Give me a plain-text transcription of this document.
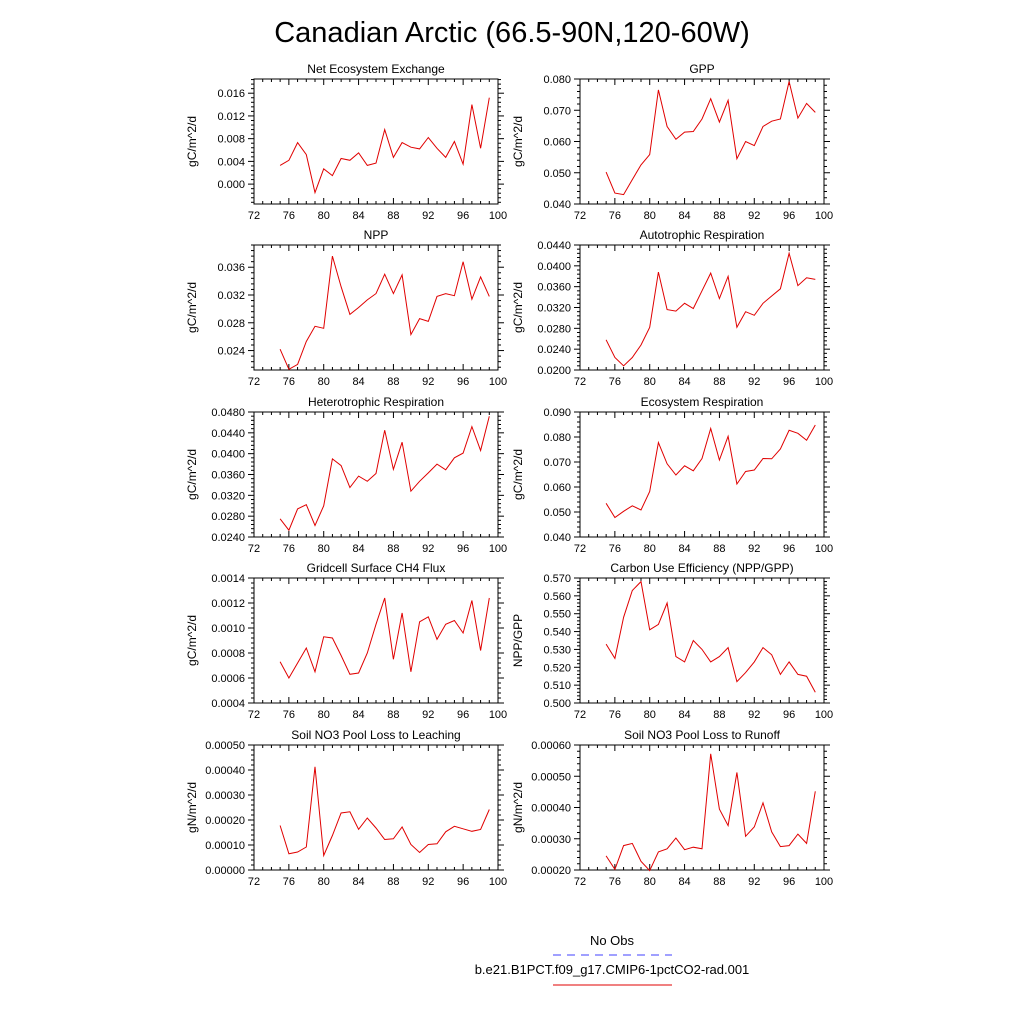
Canadian Arctic (66.5-90N,120-60W)
Net Ecosystem Exchange
gC/m^2/d
72 76 80 84 88 92 96 100
0.000
0.004
0.008
0.012
0.016
GPP
gC/m^2/d
72 76 80 84 88 92 96 100
0.040
0.050
0.060
0.070
0.080
NPP
gC/m^2/d
72 76 80 84 88 92 96 100
0.024
0.028
0.032
0.036
Autotrophic Respiration
gC/m^2/d
72 76 80 84 88 92 96 100
0.0200
0.0240
0.0280
0.0320
0.0360
0.0400
0.0440
Heterotrophic Respiration
gC/m^2/d
72 76 80 84 88 92 96 100
0.0240
0.0280
0.0320
0.0360
0.0400
0.0440
0.0480
Ecosystem Respiration
gC/m^2/d
72 76 80 84 88 92 96 100
0.040
0.050
0.060
0.070
0.080
0.090
Gridcell Surface CH4 Flux
gC/m^2/d
72 76 80 84 88 92 96 100
0.0004
0.0006
0.0008
0.0010
0.0012
0.0014
Carbon Use Efficiency (NPP/GPP)
NPP/GPP
72 76 80 84 88 92 96 100
0.500
0.510
0.520
0.530
0.540
0.550
0.560
0.570
Soil NO3 Pool Loss to Leaching
gN/m^2/d
72 76 80 84 88 92 96 100
0.00000
0.00010
0.00020
0.00030
0.00040
0.00050
Soil NO3 Pool Loss to Runoff
gN/m^2/d
72 76 80 84 88 92 96 100
0.00020
0.00030
0.00040
0.00050
0.00060
No Obs
b.e21.B1PCT.f09_g17.CMIP6-1pctCO2-rad.001
